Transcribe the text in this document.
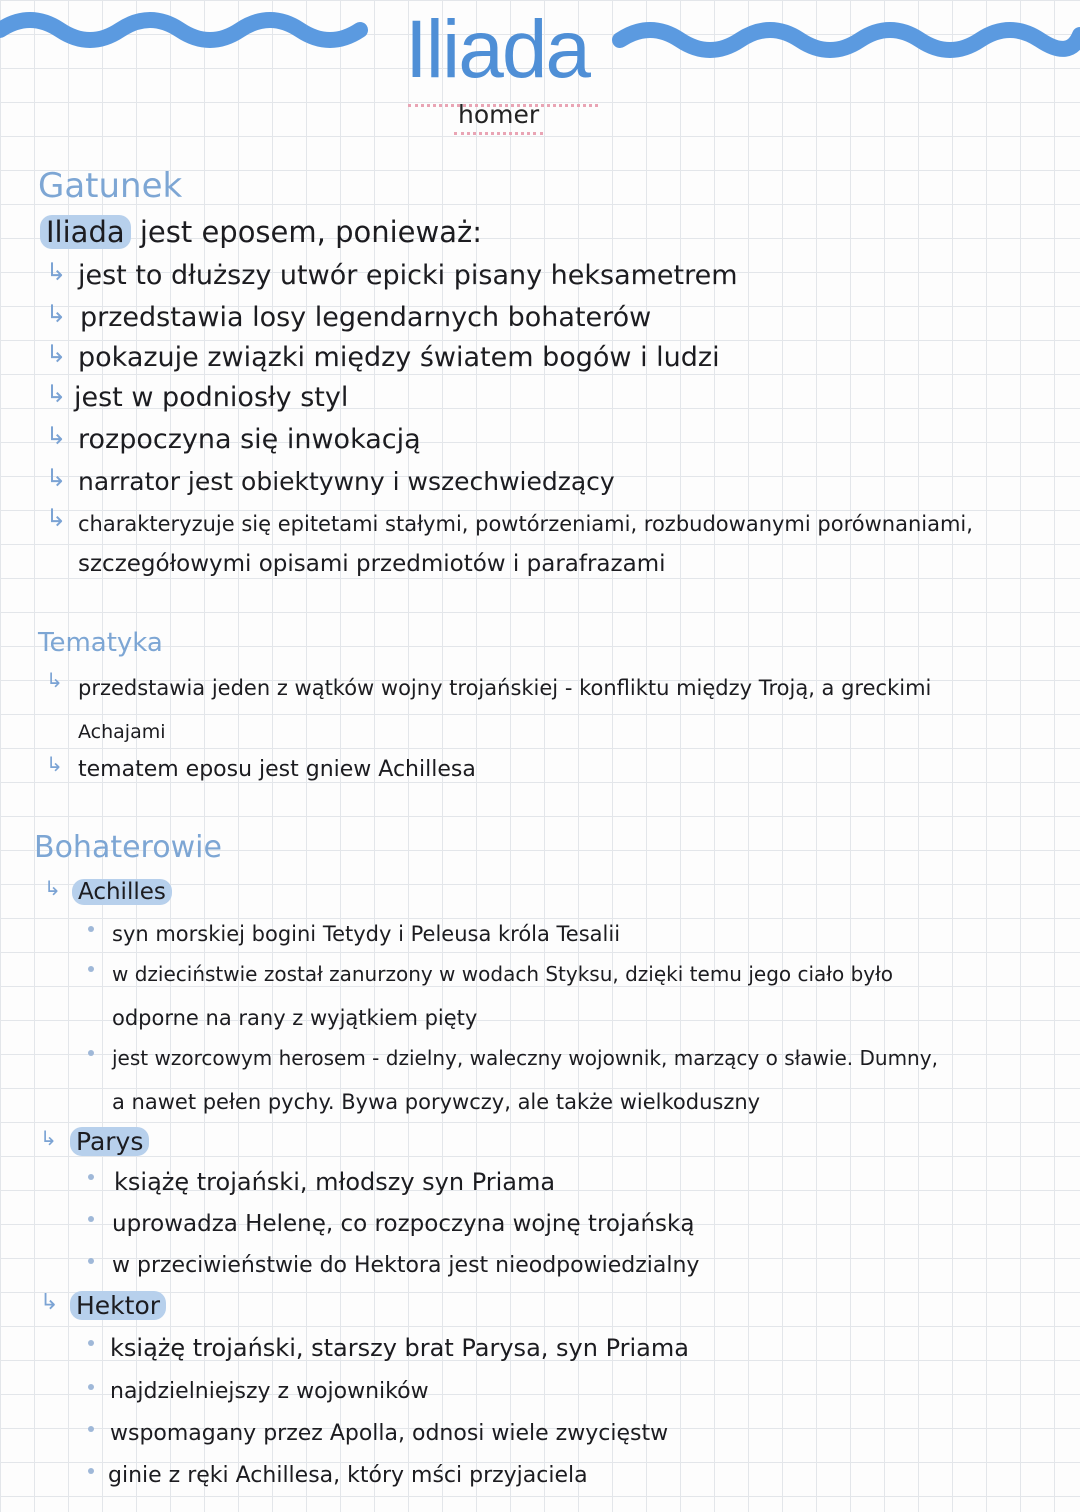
Iliada
homer
Gatunek
Iliada jest eposem, ponieważ:
↳ jest to dłuższy utwór epicki pisany heksametrem
↳ przedstawia losy legendarnych bohaterów
↳ pokazuje związki między światem bogów i ludzi
↳ jest w podniosły styl
↳ rozpoczyna się inwokacją
↳ narrator jest obiektywny i wszechwiedzący
↳ charakteryzuje się epitetami stałymi, powtórzeniami, rozbudowanymi porównaniami,
szczegółowymi opisami przedmiotów i parafrazami
Tematyka
↳ przedstawia jeden z wątków wojny trojańskiej - konfliktu między Troją, a greckimi
Achajami
↳ tematem eposu jest gniew Achillesa
Bohaterowie
↳ Achilles
syn morskiej bogini Tetydy i Peleusa króla Tesalii
w dzieciństwie został zanurzony w wodach Styksu, dzięki temu jego ciało było
odporne na rany z wyjątkiem pięty
jest wzorcowym herosem - dzielny, waleczny wojownik, marzący o sławie. Dumny,
a nawet pełen pychy. Bywa porywczy, ale także wielkoduszny
↳ Parys
książę trojański, młodszy syn Priama
uprowadza Helenę, co rozpoczyna wojnę trojańską
w przeciwieństwie do Hektora jest nieodpowiedzialny
↳ Hektor
książę trojański, starszy brat Parysa, syn Priama
najdzielniejszy z wojowników
wspomagany przez Apolla, odnosi wiele zwycięstw
ginie z ręki Achillesa, który mści przyjaciela
